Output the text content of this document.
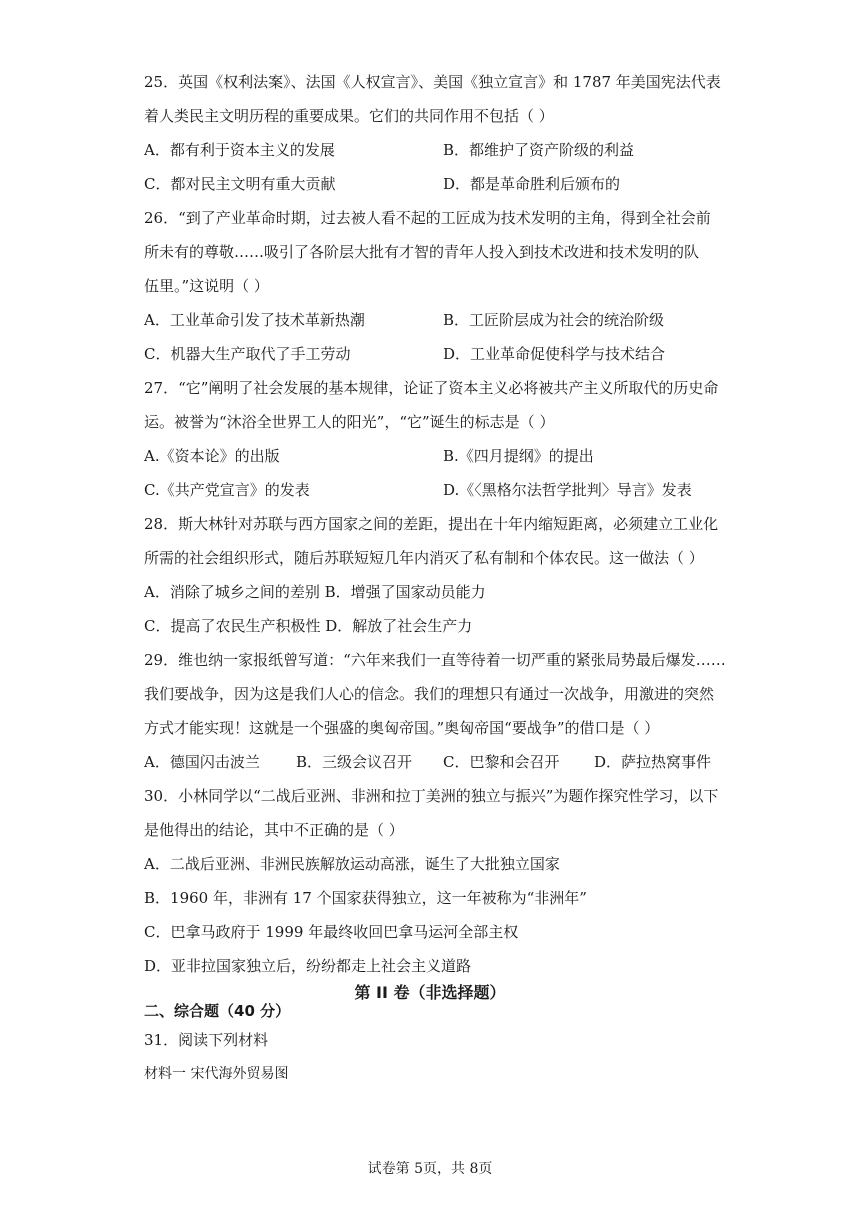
25．英国《权利法案》、法国《人权宣言》、美国《独立宣言》和 1787 年美国宪法代表
着人类民主文明历程的重要成果。它们的共同作用不包括（ ）
A．都有利于资本主义的发展	B．都维护了资产阶级的利益
C．都对民主文明有重大贡献	D．都是革命胜利后颁布的
26．“到了产业革命时期，过去被人看不起的工匠成为技术发明的主角，得到全社会前
所未有的尊敬……吸引了各阶层大批有才智的青年人投入到技术改进和技术发明的队
伍里。”这说明（ ）
A．工业革命引发了技术革新热潮	B．工匠阶层成为社会的统治阶级
C．机器大生产取代了手工劳动	D．工业革命促使科学与技术结合
27．“它”阐明了社会发展的基本规律，论证了资本主义必将被共产主义所取代的历史命
运。被誉为“沐浴全世界工人的阳光”，“它”诞生的标志是（ ）
A.《资本论》的出版	B.《四月提纲》的提出
C.《共产党宣言》的发表	D.《〈黑格尔法哲学批判〉导言》发表
28．斯大林针对苏联与西方国家之间的差距，提出在十年内缩短距离，必须建立工业化
所需的社会组织形式，随后苏联短短几年内消灭了私有制和个体农民。这一做法（ ）
A．消除了城乡之间的差别 B．增强了国家动员能力
C．提高了农民生产积极性 D．解放了社会生产力
29．维也纳一家报纸曾写道：“六年来我们一直等待着一切严重的紧张局势最后爆发……
我们要战争，因为这是我们人心的信念。我们的理想只有通过一次战争，用激进的突然
方式才能实现！这就是一个强盛的奥匈帝国。”奥匈帝国“要战争”的借口是（ ）
A．德国闪击波兰 B．三级会议召开 C．巴黎和会召开 D．萨拉热窝事件
30．小林同学以“二战后亚洲、非洲和拉丁美洲的独立与振兴”为题作探究性学习，以下
是他得出的结论，其中不正确的是（ ）
A．二战后亚洲、非洲民族解放运动高涨，诞生了大批独立国家
B．1960 年，非洲有 17 个国家获得独立，这一年被称为“非洲年”
C．巴拿马政府于 1999 年最终收回巴拿马运河全部主权
D．亚非拉国家独立后，纷纷都走上社会主义道路
第 II 卷（非选择题）
二、综合题（40 分）
31．阅读下列材料
材料一 宋代海外贸易图
试卷第 5页，共 8页
